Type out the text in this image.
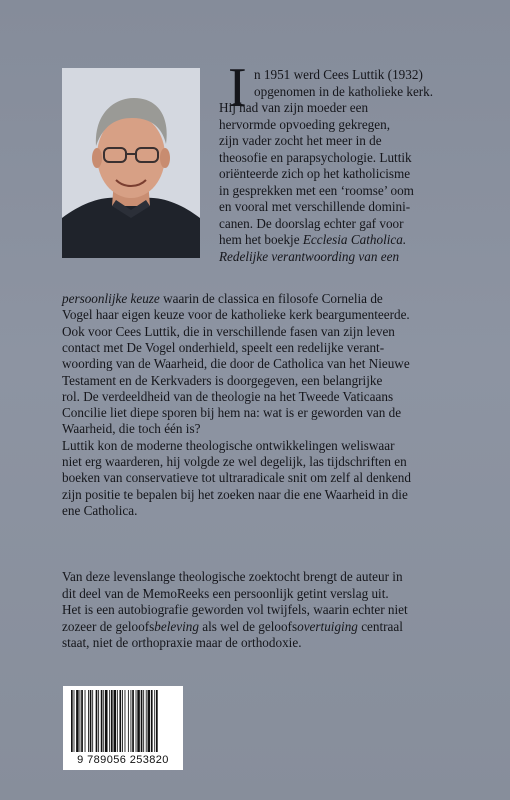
I n 1951 werd Cees Luttik (1932)
opgenomen in de katholieke kerk.
Hij had van zijn moeder een
hervormde opvoeding gekregen,
zijn vader zocht het meer in de
theosofie en parapsychologie. Luttik
oriënteerde zich op het katholicisme
in gesprekken met een ‘roomse’ oom
en vooral met verschillende domini-
canen. De doorslag echter gaf voor
hem het boekje Ecclesia Catholica.
Redelijke verantwoording van een
persoonlijke keuze waarin de classica en filosofe Cornelia de
Vogel haar eigen keuze voor de katholieke kerk beargumenteerde.
Ook voor Cees Luttik, die in verschillende fasen van zijn leven
contact met De Vogel onderhield, speelt een redelijke verant-
woording van de Waarheid, die door de Catholica van het Nieuwe
Testament en de Kerkvaders is doorgegeven, een belangrijke
rol. De verdeeldheid van de theologie na het Tweede Vaticaans
Concilie liet diepe sporen bij hem na: wat is er geworden van de
Waarheid, die toch één is?
Luttik kon de moderne theologische ontwikkelingen weliswaar
niet erg waarderen, hij volgde ze wel degelijk, las tijdschriften en
boeken van conservatieve tot ultraradicale snit om zelf al denkend
zijn positie te bepalen bij het zoeken naar die ene Waarheid in die
ene Catholica.
Van deze levenslange theologische zoektocht brengt de auteur in
dit deel van de MemoReeks een persoonlijk getint verslag uit.
Het is een autobiografie geworden vol twijfels, waarin echter niet
zozeer de geloofsbeleving als wel de geloofsovertuiging centraal
staat, niet de orthopraxie maar de orthodoxie.
9 789056 253820
